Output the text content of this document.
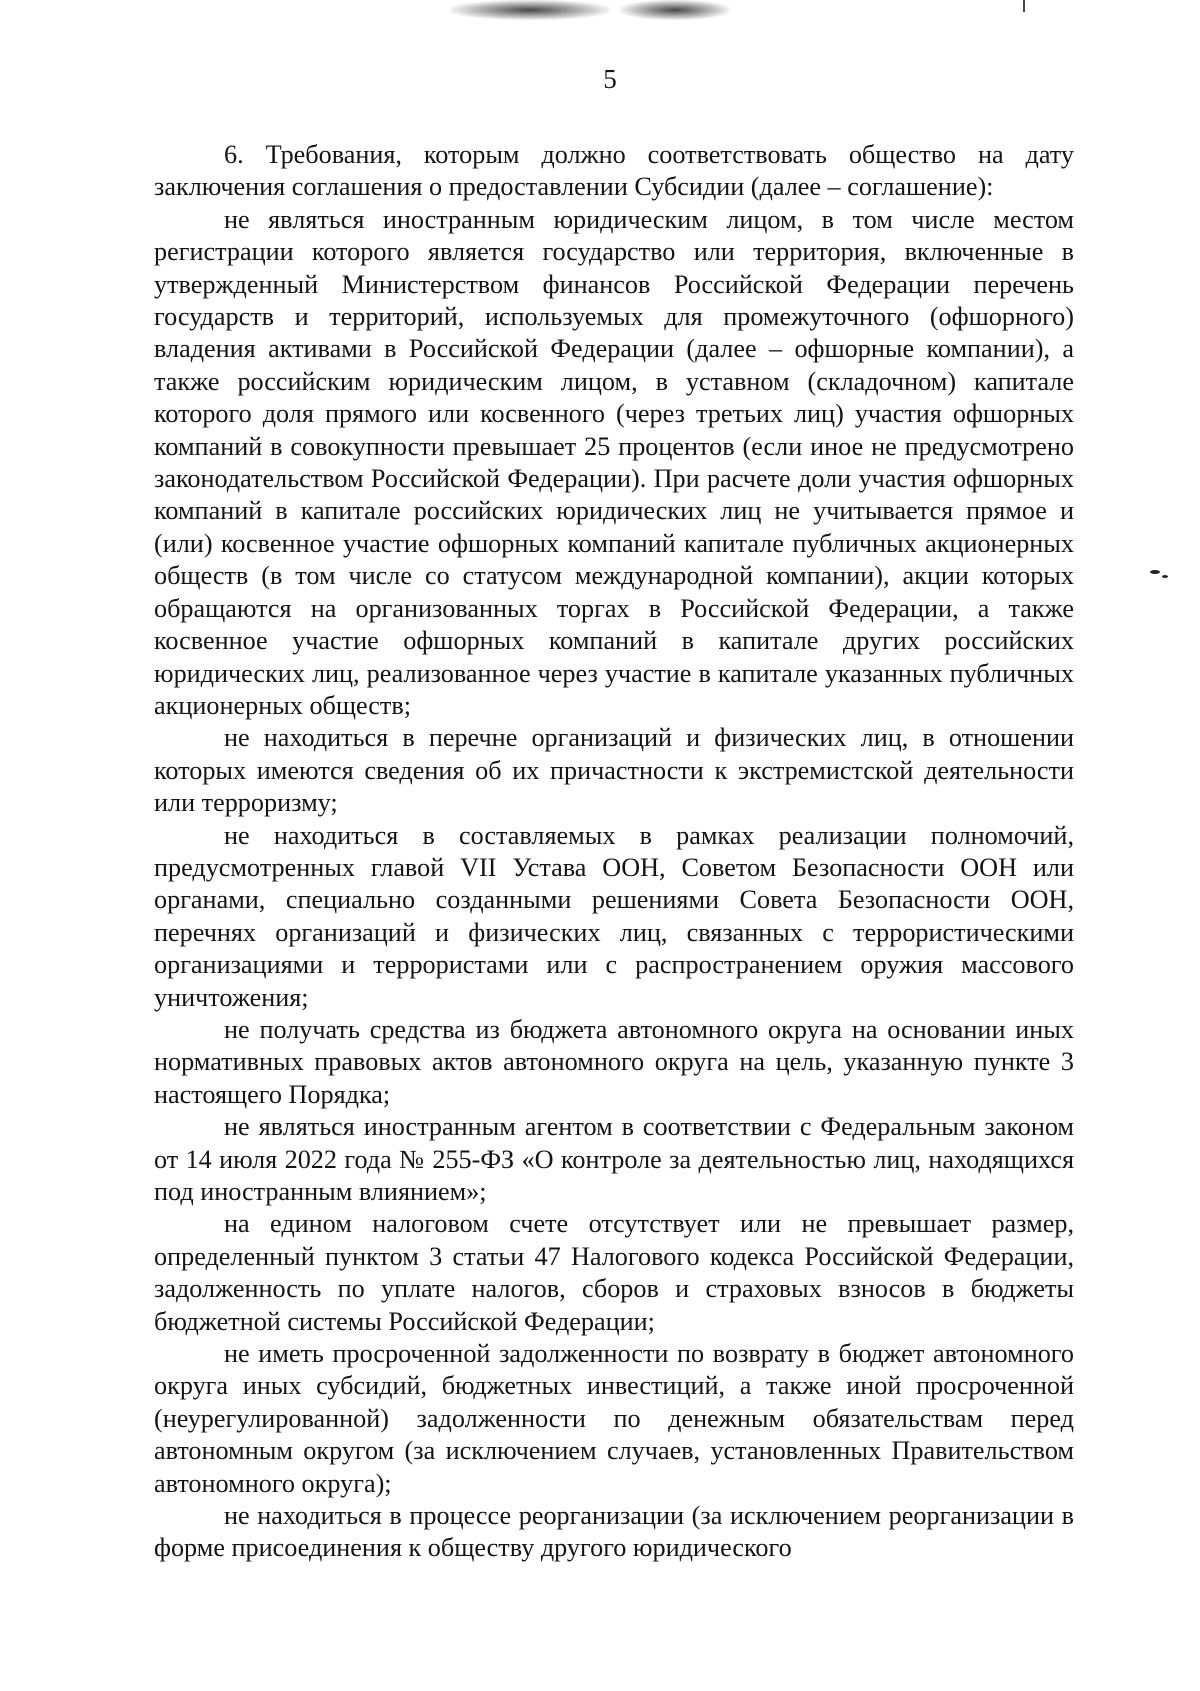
5

6. Требования, которым должно соответствовать общество на дату заключения соглашения о предоставлении Субсидии (далее – соглашение):

не являться иностранным юридическим лицом, в том числе местом регистрации которого является государство или территория, включенные в утвержденный Министерством финансов Российской Федерации перечень государств и территорий, используемых для промежуточного (офшорного) владения активами в Российской Федерации (далее – офшорные компании), а также российским юридическим лицом, в уставном (складочном) капитале которого доля прямого или косвенного (через третьих лиц) участия офшорных компаний в совокупности превышает 25 процентов (если иное не предусмотрено законодательством Российской Федерации). При расчете доли участия офшорных компаний в капитале российских юридических лиц не учитывается прямое и (или) косвенное участие офшорных компаний капитале публичных акционерных обществ (в том числе со статусом международной компании), акции которых обращаются на организованных торгах в Российской Федерации, а также косвенное участие офшорных компаний в капитале других российских юридических лиц, реализованное через участие в капитале указанных публичных акционерных обществ;

не находиться в перечне организаций и физических лиц, в отношении которых имеются сведения об их причастности к экстремистской деятельности или терроризму;

не находиться в составляемых в рамках реализации полномочий, предусмотренных главой VII Устава ООН, Советом Безопасности ООН или органами, специально созданными решениями Совета Безопасности ООН, перечнях организаций и физических лиц, связанных с террористическими организациями и террористами или с распространением оружия массового уничтожения;

не получать средства из бюджета автономного округа на основании иных нормативных правовых актов автономного округа на цель, указанную пункте 3 настоящего Порядка;

не являться иностранным агентом в соответствии с Федеральным законом от 14 июля 2022 года № 255-ФЗ «О контроле за деятельностью лиц, находящихся под иностранным влиянием»;

на едином налоговом счете отсутствует или не превышает размер, определенный пунктом 3 статьи 47 Налогового кодекса Российской Федерации, задолженность по уплате налогов, сборов и страховых взносов в бюджеты бюджетной системы Российской Федерации;

не иметь просроченной задолженности по возврату в бюджет автономного округа иных субсидий, бюджетных инвестиций, а также иной просроченной (неурегулированной) задолженности по денежным обязательствам перед автономным округом (за исключением случаев, установленных Правительством автономного округа);

не находиться в процессе реорганизации (за исключением реорганизации в форме присоединения к обществу другого юридического
